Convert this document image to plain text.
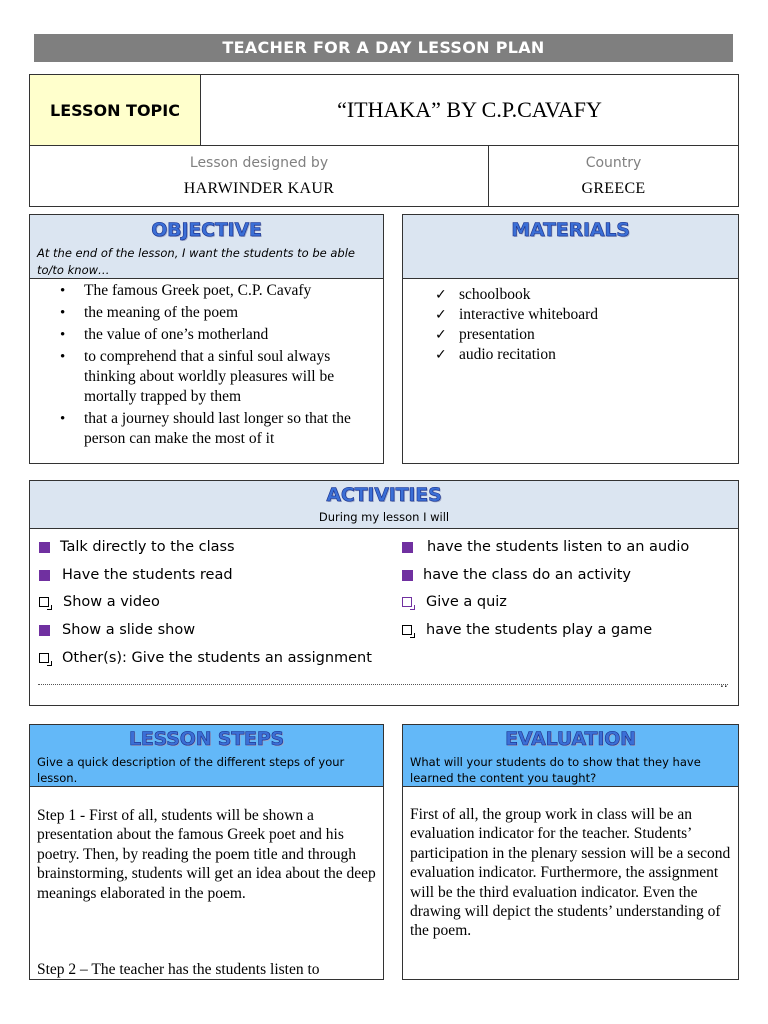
TEACHER FOR A DAY LESSON PLAN
LESSON TOPIC	“ITHAKA” BY C.P.CAVAFY
Lesson designed by
HARWINDER KAUR
Country
GREECE
OBJECTIVE
At the end of the lesson, I want the students to be able to/to know…
• The famous Greek poet, C.P. Cavafy
• the meaning of the poem
• the value of one’s motherland
• to comprehend that a sinful soul always thinking about worldly pleasures will be mortally trapped by them
• that a journey should last longer so that the person can make the most of it
MATERIALS
✓ schoolbook
✓ interactive whiteboard
✓ presentation
✓ audio recitation
ACTIVITIES
During my lesson I will
Talk directly to the class
Have the students read
Show a video
Show a slide show
Other(s): Give the students an assignment
have the students listen to an audio
have the class do an activity
Give a quiz
have the students play a game
..
LESSON STEPS
Give a quick description of the different steps of your lesson.
Step 1 - First of all, students will be shown a presentation about the famous Greek poet and his poetry. Then, by reading the poem title and through brainstorming, students will get an idea about the deep meanings elaborated in the poem.
Step 2 – The teacher has the students listen to
EVALUATION
What will your students do to show that they have learned the content you taught?
First of all, the group work in class will be an evaluation indicator for the teacher. Students’ participation in the plenary session will be a second evaluation indicator. Furthermore, the assignment will be the third evaluation indicator. Even the drawing will depict the students’ understanding of the poem.
